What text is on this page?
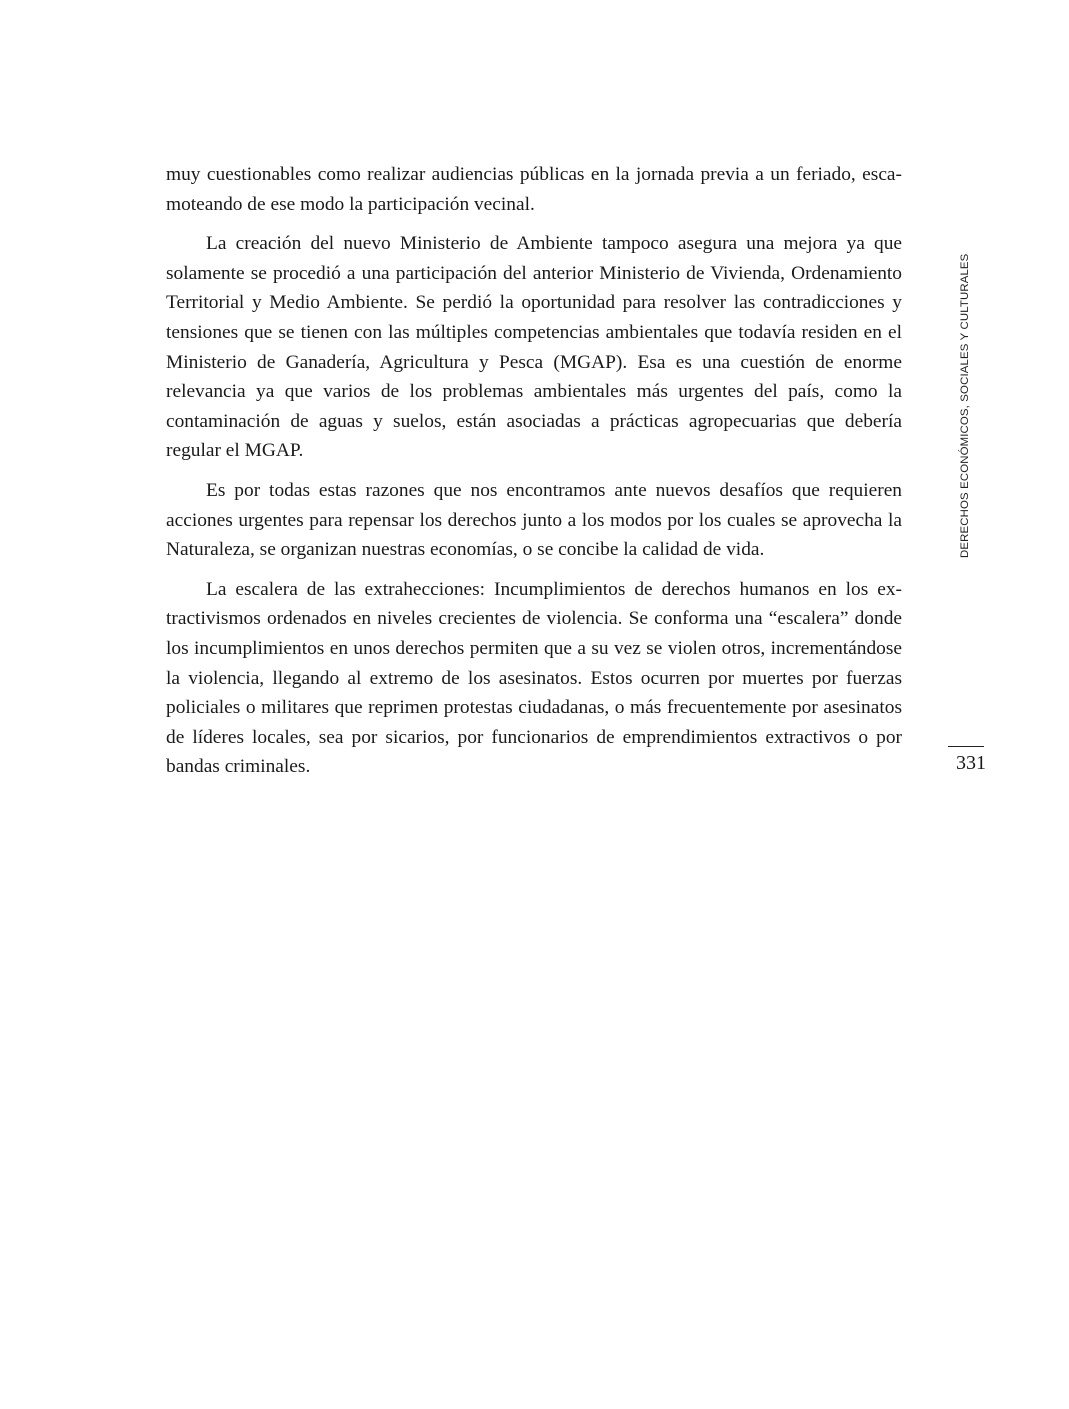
muy cuestionables como realizar audiencias públicas en la jornada previa a un feriado, escamoteando de ese modo la participación vecinal.

La creación del nuevo Ministerio de Ambiente tampoco asegura una mejora ya que solamente se procedió a una participación del anterior Ministerio de Vivienda, Ordenamiento Territorial y Medio Ambiente. Se perdió la oportunidad para resolver las contradicciones y tensiones que se tienen con las múltiples competencias ambientales que todavía residen en el Ministerio de Ganadería, Agricultura y Pesca (MGAP). Esa es una cuestión de enorme relevancia ya que varios de los problemas ambientales más urgentes del país, como la contaminación de aguas y suelos, están asociadas a prácticas agropecuarias que debería regular el MGAP.

Es por todas estas razones que nos encontramos ante nuevos desafíos que requieren acciones urgentes para repensar los derechos junto a los modos por los cuales se aprovecha la Naturaleza, se organizan nuestras economías, o se concibe la calidad de vida.

La escalera de las extrahecciones: Incumplimientos de derechos humanos en los extractivismos ordenados en niveles crecientes de violencia. Se conforma una “escalera” donde los incumplimientos en unos derechos permiten que a su vez se violen otros, incrementándose la violencia, llegando al extremo de los asesinatos. Estos ocurren por muertes por fuerzas policiales o militares que reprimen protestas ciudadanas, o más frecuentemente por asesinatos de líderes locales, sea por sicarios, por funcionarios de emprendimientos extractivos o por bandas criminales.

DERECHOS ECONÓMICOS, SOCIALES Y CULTURALES
331
